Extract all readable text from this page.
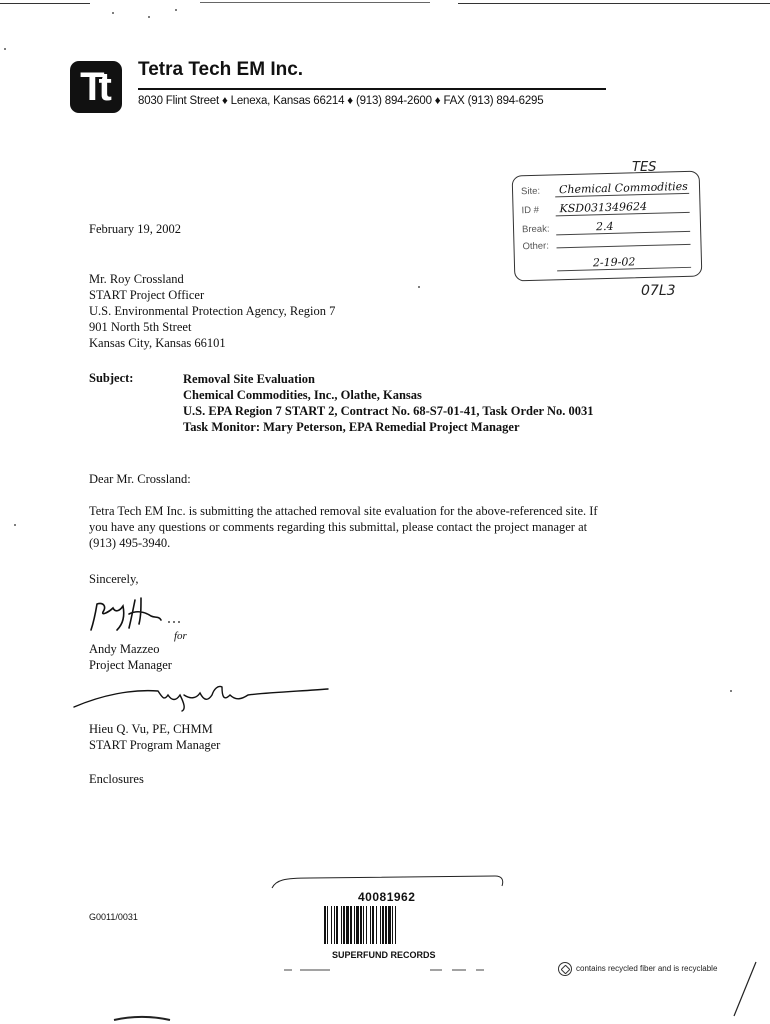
Tt	Tetra Tech EM Inc.
8030 Flint Street ♦ Lenexa, Kansas 66214 ♦ (913) 894-2600 ♦ FAX (913) 894-6295
TES
Site: Chemical Commodities
ID # KSD031349624
Break:	2.4
Other:
2-19-02
07L3
February 19, 2002
Mr. Roy Crossland
START Project Officer
U.S. Environmental Protection Agency, Region 7
901 North 5th Street
Kansas City, Kansas 66101
Subject:	Removal Site Evaluation
Chemical Commodities, Inc., Olathe, Kansas
U.S. EPA Region 7 START 2, Contract No. 68-S7-01-41, Task Order No. 0031
Task Monitor: Mary Peterson, EPA Remedial Project Manager
Dear Mr. Crossland:
Tetra Tech EM Inc. is submitting the attached removal site evaluation for the above-referenced site. If
you have any questions or comments regarding this submittal, please contact the project manager at
(913) 495-3940.
Sincerely,
for
Andy Mazzeo
Project Manager
Hieu Q. Vu, PE, CHMM
START Program Manager
Enclosures
G0011/0031
40081962
SUPERFUND RECORDS
contains recycled fiber and is recyclable
